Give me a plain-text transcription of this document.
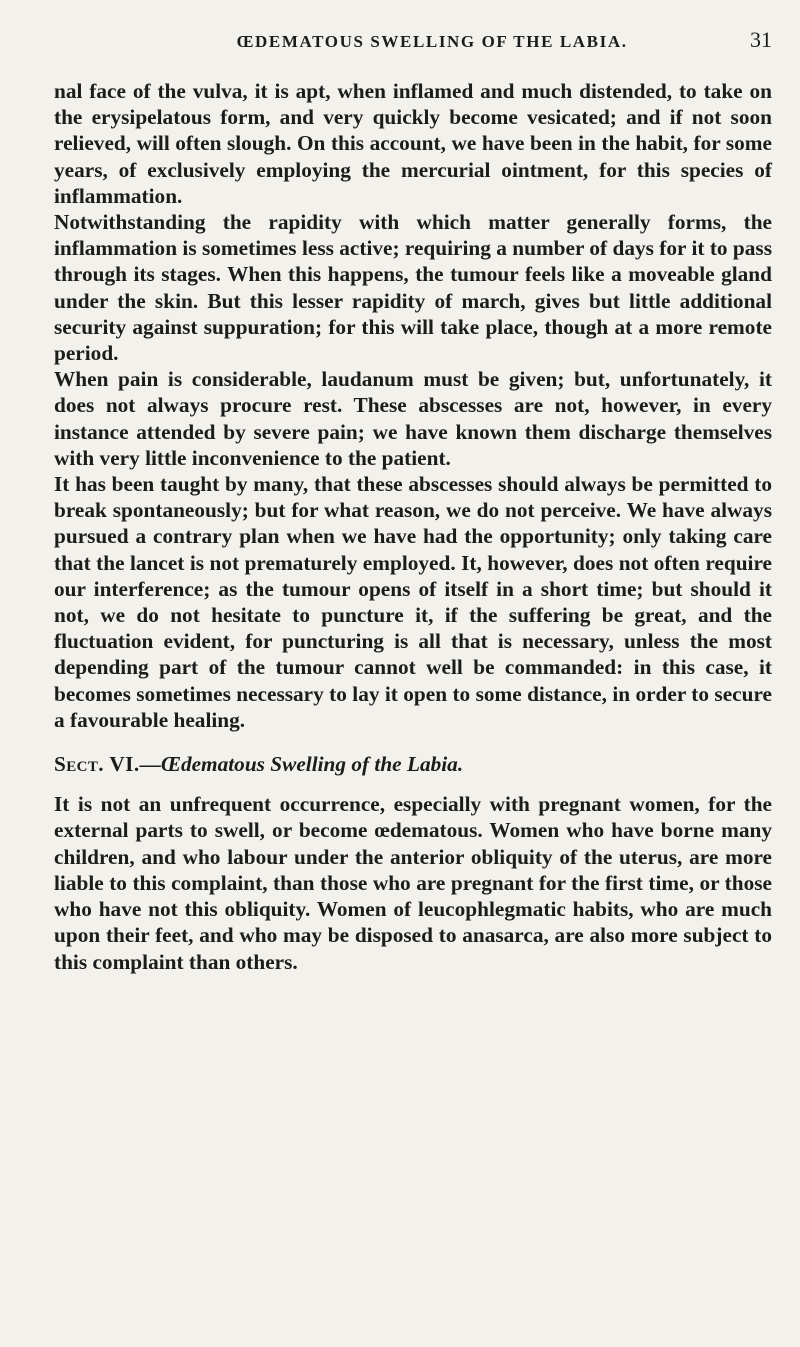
ŒDEMATOUS SWELLING OF THE LABIA.	31

nal face of the vulva, it is apt, when inflamed and much distended, to take on the erysipelatous form, and very quickly become vesicated; and if not soon relieved, will often slough. On this account, we have been in the habit, for some years, of exclusively employing the mercurial ointment, for this species of inflammation.

Notwithstanding the rapidity with which matter generally forms, the inflammation is sometimes less active; requiring a number of days for it to pass through its stages. When this happens, the tumour feels like a moveable gland under the skin. But this lesser rapidity of march, gives but little additional security against suppuration; for this will take place, though at a more remote period.

When pain is considerable, laudanum must be given; but, unfortunately, it does not always procure rest. These abscesses are not, however, in every instance attended by severe pain; we have known them discharge themselves with very little inconvenience to the patient.

It has been taught by many, that these abscesses should always be permitted to break spontaneously; but for what reason, we do not perceive. We have always pursued a contrary plan when we have had the opportunity; only taking care that the lancet is not prematurely employed. It, however, does not often require our interference; as the tumour opens of itself in a short time; but should it not, we do not hesitate to puncture it, if the suffering be great, and the fluctuation evident, for puncturing is all that is necessary, unless the most depending part of the tumour cannot well be commanded: in this case, it becomes sometimes necessary to lay it open to some distance, in order to secure a favourable healing.

Sect. VI.—Œdematous Swelling of the Labia.

It is not an unfrequent occurrence, especially with pregnant women, for the external parts to swell, or become œdematous. Women who have borne many children, and who labour under the anterior obliquity of the uterus, are more liable to this complaint, than those who are pregnant for the first time, or those who have not this obliquity. Women of leucophlegmatic habits, who are much upon their feet, and who may be disposed to anasarca, are also more subject to this complaint than others.
